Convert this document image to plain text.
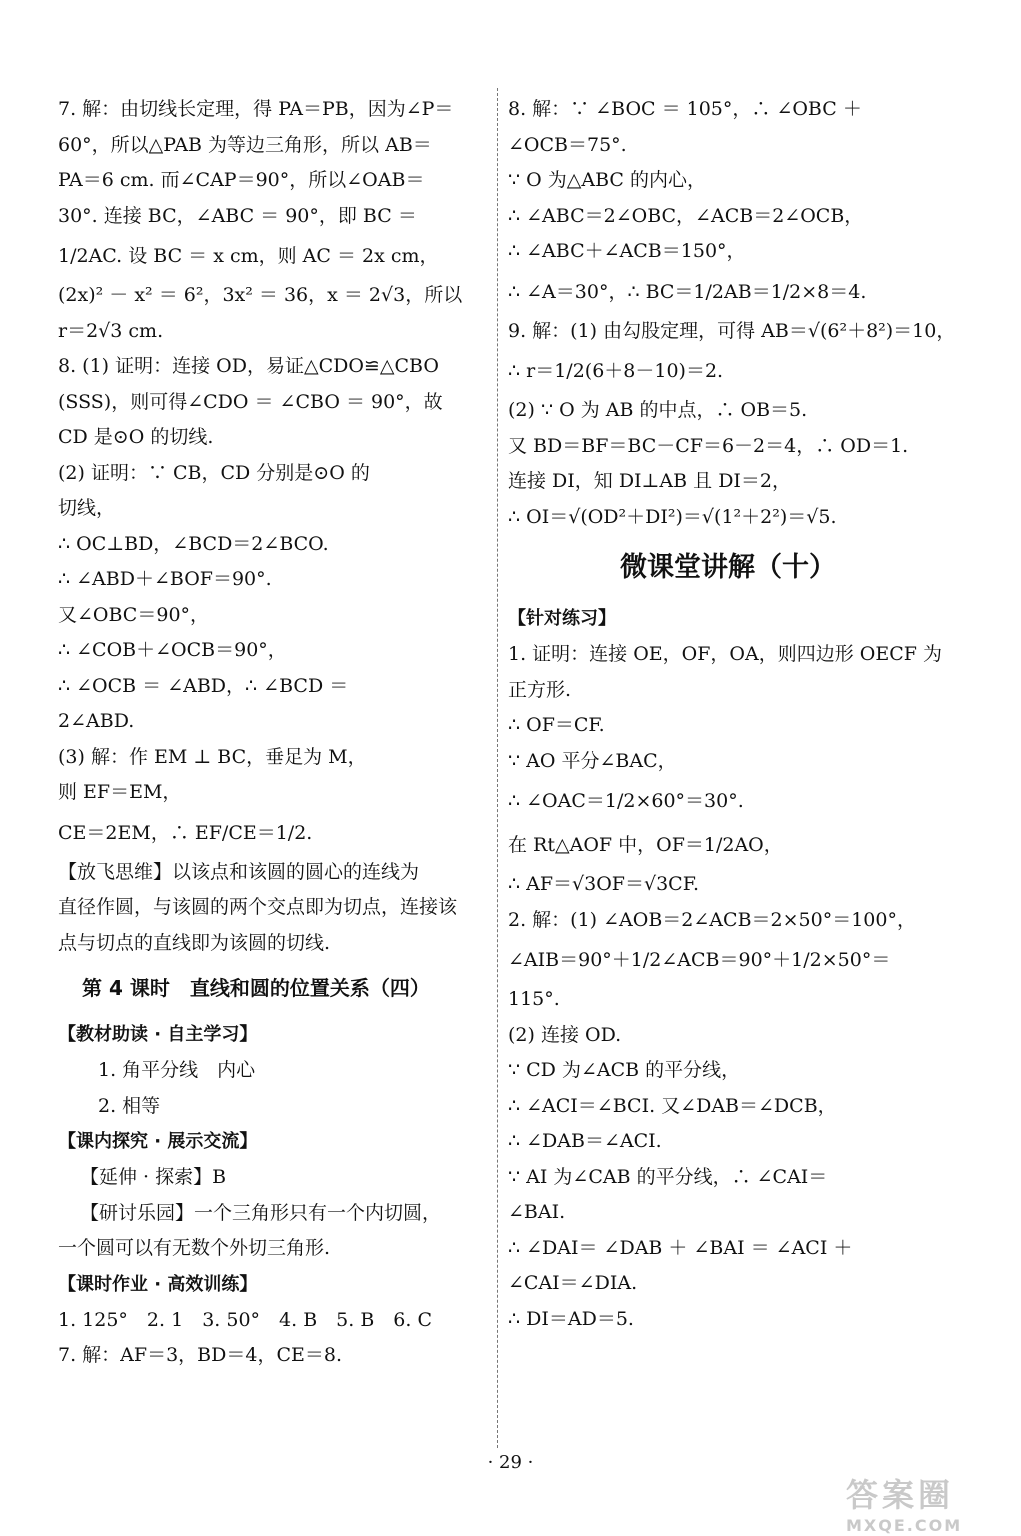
7. 解：由切线长定理，得 PA＝PB，因为∠P＝
60°，所以△PAB 为等边三角形，所以 AB＝
PA＝6 cm. 而∠CAP＝90°，所以∠OAB＝
30°. 连接 BC，∠ABC ＝ 90°，即 BC ＝
1/2AC. 设 BC ＝ x cm，则 AC ＝ 2x cm，
(2x)² － x² ＝ 6²，3x² ＝ 36，x ＝ 2√3，所以
r＝2√3 cm.
8. (1) 证明：连接 OD，易证△CDO≌△CBO
(SSS)，则可得∠CDO ＝ ∠CBO ＝ 90°，故
CD 是⊙O 的切线.
(2) 证明：∵ CB，CD 分别是⊙O 的
切线，
∴ OC⊥BD，∠BCD＝2∠BCO.
∴ ∠ABD＋∠BOF＝90°.
又∠OBC＝90°，
∴ ∠COB＋∠OCB＝90°，
∴ ∠OCB ＝ ∠ABD，∴ ∠BCD ＝
2∠ABD.
(3) 解：作 EM ⊥ BC，垂足为 M，
则 EF＝EM，
CE＝2EM，∴ EF/CE＝1/2.
【放飞思维】以该点和该圆的圆心的连线为
直径作圆，与该圆的两个交点即为切点，连接该
点与切点的直线即为该圆的切线.
第 4 课时　直线和圆的位置关系（四）
【教材助读 · 自主学习】
1. 角平分线　内心
2. 相等
【课内探究 · 展示交流】
【延伸 · 探索】B
【研讨乐园】一个三角形只有一个内切圆，
一个圆可以有无数个外切三角形.
【课时作业 · 高效训练】
1. 125°　2. 1　3. 50°　4. B　5. B　6. C
7. 解：AF＝3，BD＝4，CE＝8.
8. 解：∵ ∠BOC ＝ 105°，∴ ∠OBC ＋
∠OCB＝75°.
∵ O 为△ABC 的内心，
∴ ∠ABC＝2∠OBC，∠ACB＝2∠OCB，
∴ ∠ABC＋∠ACB＝150°，
∴ ∠A＝30°，∴ BC＝1/2AB＝1/2×8＝4.
9. 解：(1) 由勾股定理，可得 AB＝√(6²＋8²)＝10，
∴ r＝1/2(6＋8－10)＝2.
(2) ∵ O 为 AB 的中点，∴ OB＝5.
又 BD＝BF＝BC－CF＝6－2＝4，∴ OD＝1.
连接 DI，知 DI⊥AB 且 DI＝2，
∴ OI＝√(OD²＋DI²)＝√(1²＋2²)＝√5.
微课堂讲解（十）
【针对练习】
1. 证明：连接 OE，OF，OA，则四边形 OECF 为
正方形.
∴ OF＝CF.
∵ AO 平分∠BAC，
∴ ∠OAC＝1/2×60°＝30°.
在 Rt△AOF 中，OF＝1/2AO，
∴ AF＝√3OF＝√3CF.
2. 解：(1) ∠AOB＝2∠ACB＝2×50°＝100°，
∠AIB＝90°＋1/2∠ACB＝90°＋1/2×50°＝
115°.
(2) 连接 OD.
∵ CD 为∠ACB 的平分线，
∴ ∠ACI＝∠BCI. 又∠DAB＝∠DCB，
∴ ∠DAB＝∠ACI.
∵ AI 为∠CAB 的平分线，∴ ∠CAI＝
∠BAI.
∴ ∠DAI＝ ∠DAB ＋ ∠BAI ＝ ∠ACI ＋
∠CAI＝∠DIA.
∴ DI＝AD＝5.
· 29 ·
答案圈
MXQE.COM
